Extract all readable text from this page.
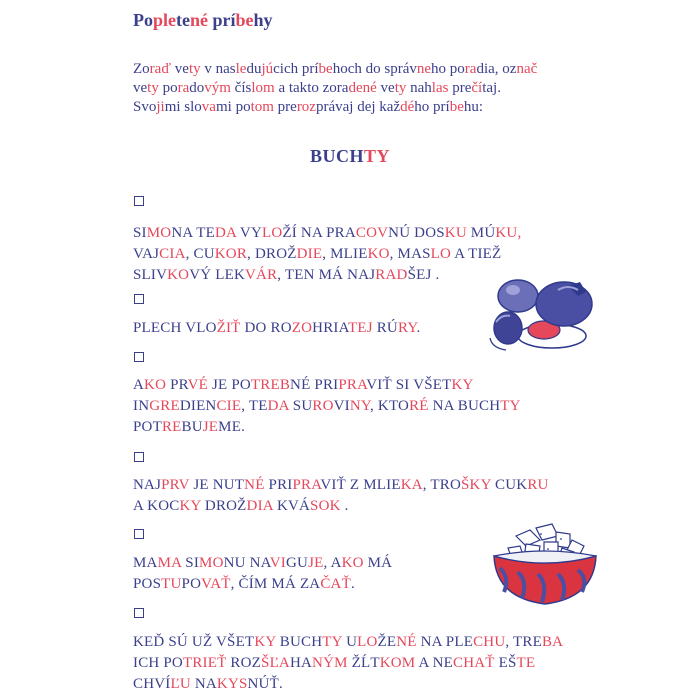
Popletené príbehy
Zoraď vety v nasledujúcich príbehoch do správneho poradia, označ
vety poradovým číslom a takto zoradené vety nahlas prečítaj.
Svojimi slovami potom prerozprávaj dej každého príbehu:
BUCHTY
SIMONA TEDA VYLOŽÍ NA PRACOVNÚ DOSKU MÚKU,
VAJCIA, CUKOR, DROŽDIE, MLIEKO, MASLO A TIEŽ
SLIVKOVÝ LEKVÁR, TEN MÁ NAJRADŠEJ .
PLECH VLOŽIŤ DO ROZOHRIATEJ RÚRY.
AKO PRVÉ JE POTREBNÉ PRIPRAVIŤ SI VŠETKY
INGREDIENCIE, TEDA SUROVINY, KTORÉ NA BUCHTY
POTREBUJEME.
NAJPRV JE NUTNÉ PRIPRAVIŤ Z MLIEKA, TROŠKY CUKRU
A KOCKY DROŽDIA KVÁSOK .
MAMA SIMONU NAVIGUJE, AKO MÁ
POSTUPOVAŤ, ČÍM MÁ ZAČAŤ.
KEĎ SÚ UŽ VŠETKY BUCHTY ULOŽENÉ NA PLECHU, TREBA
ICH POTRIEŤ ROZŠĽAHANÝM ŽĹTKOM A NECHAŤ EŠTE
CHVÍĽU NAKYSNÚŤ.
